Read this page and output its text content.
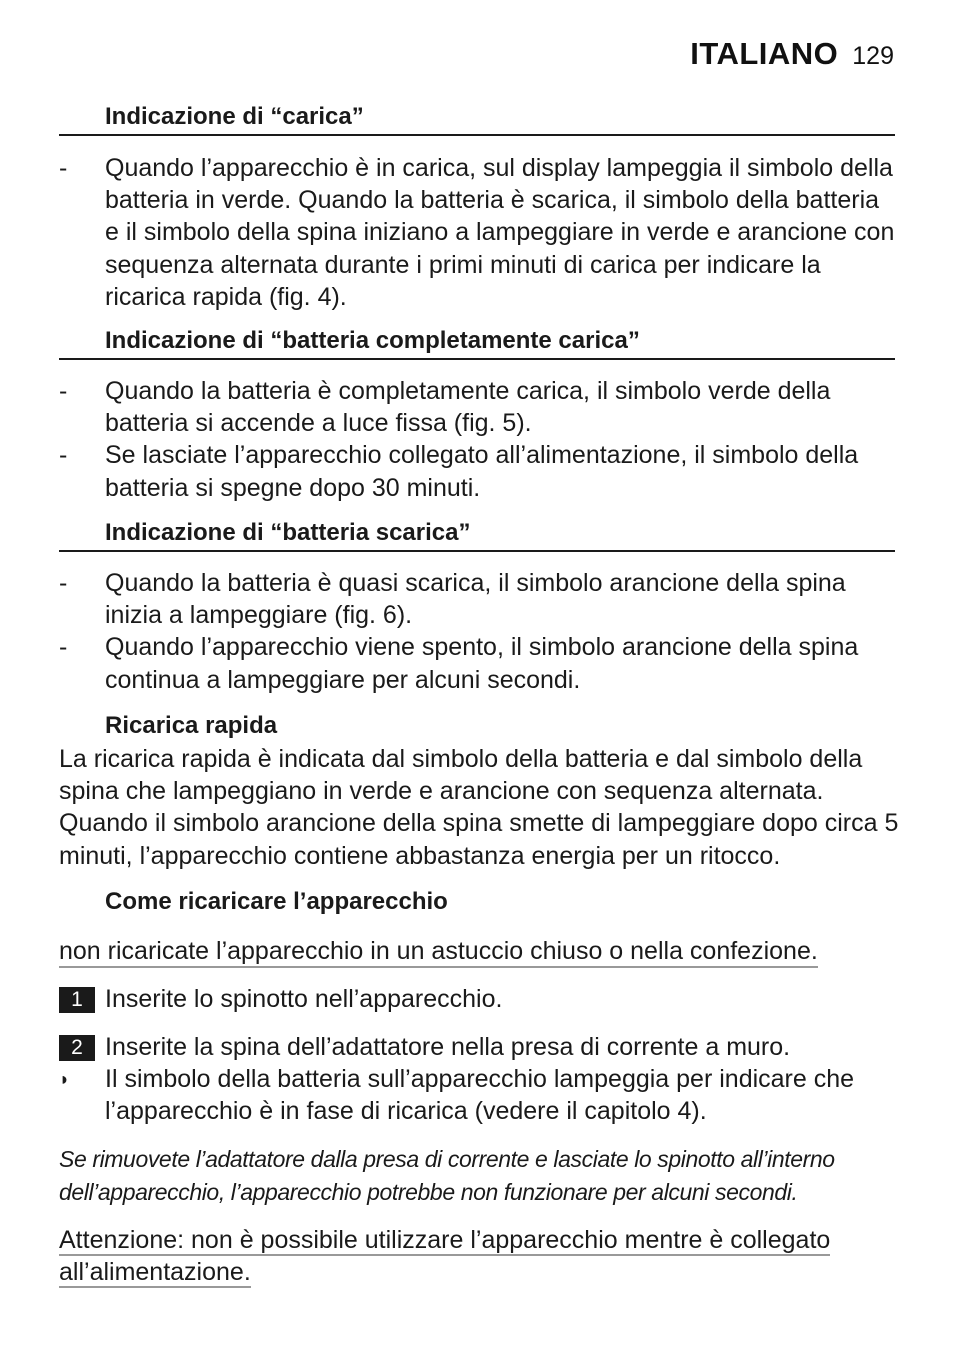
ITALIANO 129
Indicazione di “carica”
- Quando l’apparecchio è in carica, sul display lampeggia il simbolo della batteria in verde. Quando la batteria è scarica, il simbolo della batteria e il simbolo della spina iniziano a lampeggiare in verde e arancione con sequenza alternata durante i primi minuti di carica per indicare la ricarica rapida (fig. 4).
Indicazione di “batteria completamente carica”
- Quando la batteria è completamente carica, il simbolo verde della batteria si accende a luce fissa (fig. 5).
- Se lasciate l’apparecchio collegato all’alimentazione, il simbolo della batteria si spegne dopo 30 minuti.
Indicazione di “batteria scarica”
- Quando la batteria è quasi scarica, il simbolo arancione della spina inizia a lampeggiare (fig. 6).
- Quando l’apparecchio viene spento, il simbolo arancione della spina continua a lampeggiare per alcuni secondi.
Ricarica rapida

La ricarica rapida è indicata dal simbolo della batteria e dal simbolo della spina che lampeggiano in verde e arancione con sequenza alternata. Quando il simbolo arancione della spina smette di lampeggiare dopo circa 5 minuti, l’apparecchio contiene abbastanza energia per un ritocco.

Come ricaricare l’apparecchio
non ricaricate l’apparecchio in un astuccio chiuso o nella confezione.
1 Inserite lo spinotto nell’apparecchio.
2 Inserite la spina dell’adattatore nella presa di corrente a muro.
◗	Il simbolo della batteria sull’apparecchio lampeggia per indicare che l’apparecchio è in fase di ricarica (vedere il capitolo 4).
Se rimuovete l’adattatore dalla presa di corrente e lasciate lo spinotto all’interno dell’apparecchio, l’apparecchio potrebbe non funzionare per alcuni secondi.
Attenzione: non è possibile utilizzare l’apparecchio mentre è collegato all’alimentazione.
